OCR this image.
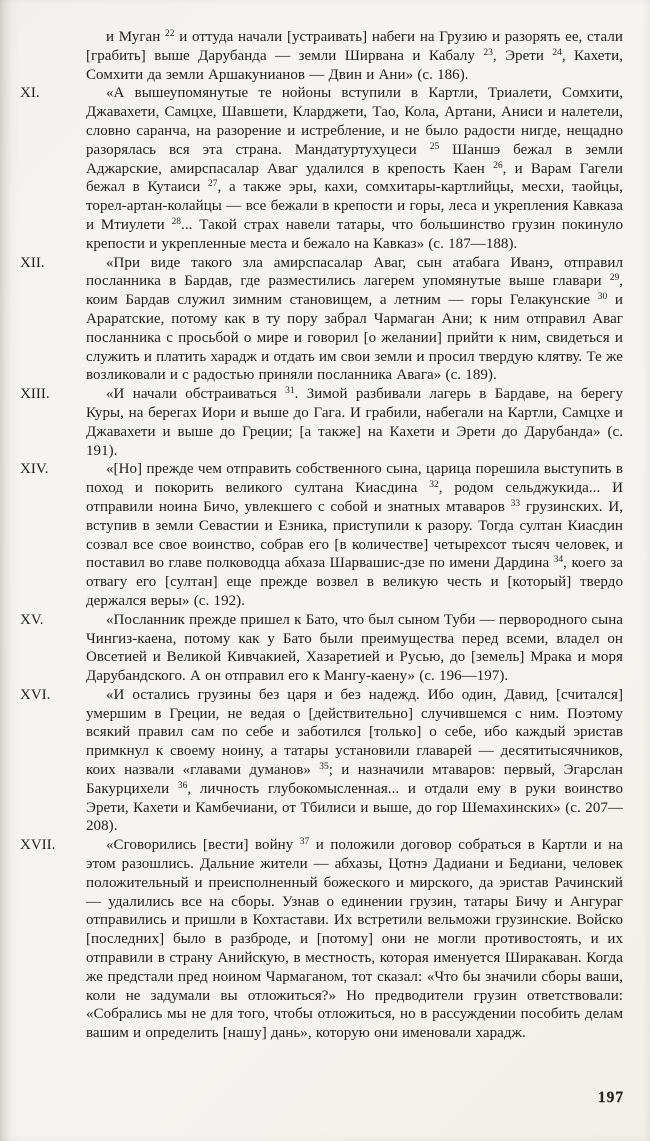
и Муган $^{22}$ и оттуда начали [устраивать] набеги на Грузию и разорять ее, стали [грабить] выше Дарубанда — земли Ширвана и Кабалу $^{23}$, Эрети $^{24}$, Кахети, Сомхити да земли Аршакунианов — Двин и Ани» (с. 186).

XI.	«А вышеупомянутые те нойоны вступили в Картли, Триалети, Сомхити, Джавахети, Самцхе, Шавшети, Кларджети, Тао, Кола, Артани, Аниси и налетели, словно саранча, на разорение и истребление, и не было радости нигде, нещадно разорялась вся эта страна. Мандатуртухуцеси $^{25}$ Шаншэ бежал в земли Аджарские, амирспасалар Аваг удалился в крепость Каен $^{26}$, и Варам Гагели бежал в Кутаиси $^{27}$, а также эры, кахи, сомхитары-картлийцы, месхи, таойцы, торел-артан-колайцы — все бежали в крепости и горы, леса и укрепления Кавказа и Мтиулети $^{28}$... Такой страх навели татары, что большинство грузин покинуло крепости и укрепленные места и бежало на Кавказ» (с. 187—188).

XII.	«При виде такого зла амирспасалар Аваг, сын атабага Иванэ, отправил посланника в Бардав, где разместились лагерем упомянутые выше главари $^{29}$, коим Бардав служил зимним становищем, а летним — горы Гелакунские $^{30}$ и Араратские, потому как в ту пору забрал Чармаган Ани; к ним отправил Аваг посланника с просьбой о мире и говорил [о желании] прийти к ним, свидеться и служить и платить харадж и отдать им свои земли и просил твердую клятву. Те же возликовали и с радостью приняли посланника Авага» (с. 189).

XIII.	«И начали обстраиваться $^{31}$. Зимой разбивали лагерь в Бардаве, на берегу Куры, на берегах Иори и выше до Гага. И грабили, набегали на Картли, Самцхе и Джавахети и выше до Греции; [а также] на Кахети и Эрети до Дарубанда» (с. 191).

XIV.	«[Но] прежде чем отправить собственного сына, царица порешила выступить в поход и покорить великого султана Киасдина $^{32}$, родом сельджукида... И отправили ноина Бичо, увлекшего с собой и знатных мтаваров $^{33}$ грузинских. И, вступив в земли Севастии и Езника, приступили к разору. Тогда султан Киасдин созвал все свое воинство, собрав его [в количестве] четырехсот тысяч человек, и поставил во главе полководца абхаза Шарвашис-дзе по имени Дардина $^{34}$, коего за отвагу его [султан] еще прежде возвел в великую честь и [который] твердо держался веры» (с. 192).

XV.	«Посланник прежде пришел к Бато, что был сыном Туби — первородного сына Чингиз-каена, потому как у Бато были преимущества перед всеми, владел он Овсетией и Великой Кивчакией, Хазаретией и Русью, до [земель] Мрака и моря Дарубандского. А он отправил его к Мангу-каену» (с. 196—197).

XVI.	«И остались грузины без царя и без надежд. Ибо один, Давид, [считался] умершим в Греции, не ведая о [действительно] случившемся с ним. Поэтому всякий правил сам по себе и заботился [только] о себе, ибо каждый эристав примкнул к своему ноину, а татары установили главарей — десятитысячников, коих назвали «главами думанов» $^{35}$; и назначили мтаваров: первый, Эгарслан Бакурцихели $^{36}$, личность глубокомысленная... и отдали ему в руки воинство Эрети, Кахети и Камбечиани, от Тбилиси и выше, до гор Шемахинских» (с. 207—208).

XVII.	«Сговорились [вести] войну $^{37}$ и положили договор собраться в Картли и на этом разошлись. Дальние жители — абхазы, Цотнэ Дадиани и Бедиани, человек положительный и преисполненный божеского и мирского, да эристав Рачинский — удалились все на сборы. Узнав о единении грузин, татары Бичу и Ангураг отправились и пришли в Кохтастави. Их встретили вельможи грузинские. Войско [последних] было в разброде, и [потому] они не могли противостоять, и их отправили в страну Анийскую, в местность, которая именуется Ширакаван. Когда же предстали пред ноином Чармаганом, тот сказал: «Что бы значили сборы ваши, коли не задумали вы отложиться?» Но предводители грузин ответствовали: «Собрались мы не для того, чтобы отложиться, но в рассуждении пособить делам вашим и определить [нашу] дань», которую они именовали харадж.

197
